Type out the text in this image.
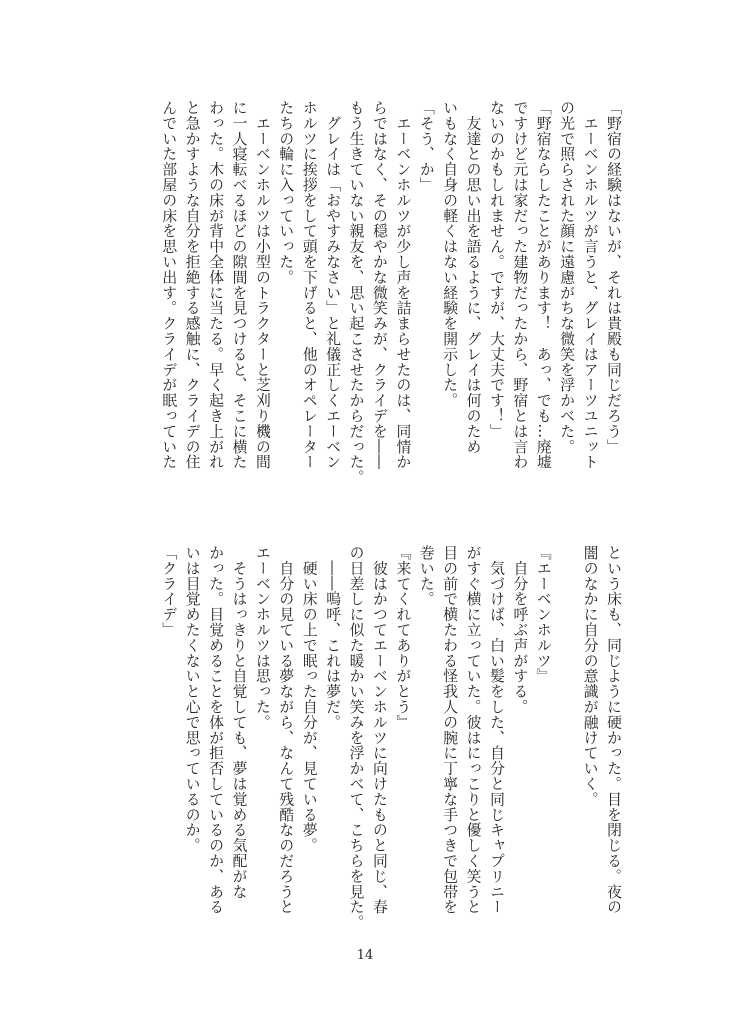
「野宿の経験はないが、それは貴殿も同じだろう」
　エーベンホルツが言うと、グレイはアーツユニット
の光で照らされた顔に遠慮がちな微笑を浮かべた。
「野宿ならしたことがあります！　あっ、でも…廃墟
ですけど元は家だった建物だったから、野宿とは言わ
ないのかもしれません。ですが、大丈夫です！」
　友達との思い出を語るように、グレイは何のため
いもなく自身の軽くはない経験を開示した。
「そう、か」
　エーベンホルツが少し声を詰まらせたのは、同情か
らではなく、その穏やかな微笑みが、クライデを――
もう生きていない親友を、思い起こさせたからだった。
　グレイは「おやすみなさい」と礼儀正しくエーベン
ホルツに挨拶をして頭を下げると、他のオペレーター
たちの輪に入っていった。
　エーベンホルツは小型のトラクターと芝刈り機の間
に一人寝転べるほどの隙間を見つけると、そこに横た
わった。木の床が背中全体に当たる。早く起き上がれ
と急かすような自分を拒絶する感触に、クライデの住
んでいた部屋の床を思い出す。クライデが眠っていた
という床も、同じように硬かった。目を閉じる。夜の
闇のなかに自分の意識が融けていく。

『エーベンホルツ』
　自分を呼ぶ声がする。
　気づけば、白い髪をした、自分と同じキャプリニー
がすぐ横に立っていた。彼はにっこりと優しく笑うと
目の前で横たわる怪我人の腕に丁寧な手つきで包帯を
巻いた。
『来てくれてありがとう』
　彼はかつてエーベンホルツに向けたものと同じ、春
の日差しに似た暖かい笑みを浮かべて、こちらを見た。
　――嗚呼、これは夢だ。
　硬い床の上で眠った自分が、見ている夢。
　自分の見ている夢ながら、なんて残酷なのだろうと
エーベンホルツは思った。
　そうはっきりと自覚しても、夢は覚める気配がな
かった。目覚めることを体が拒否しているのか、ある
いは目覚めたくないと心で思っているのか。
「クライデ」
14
